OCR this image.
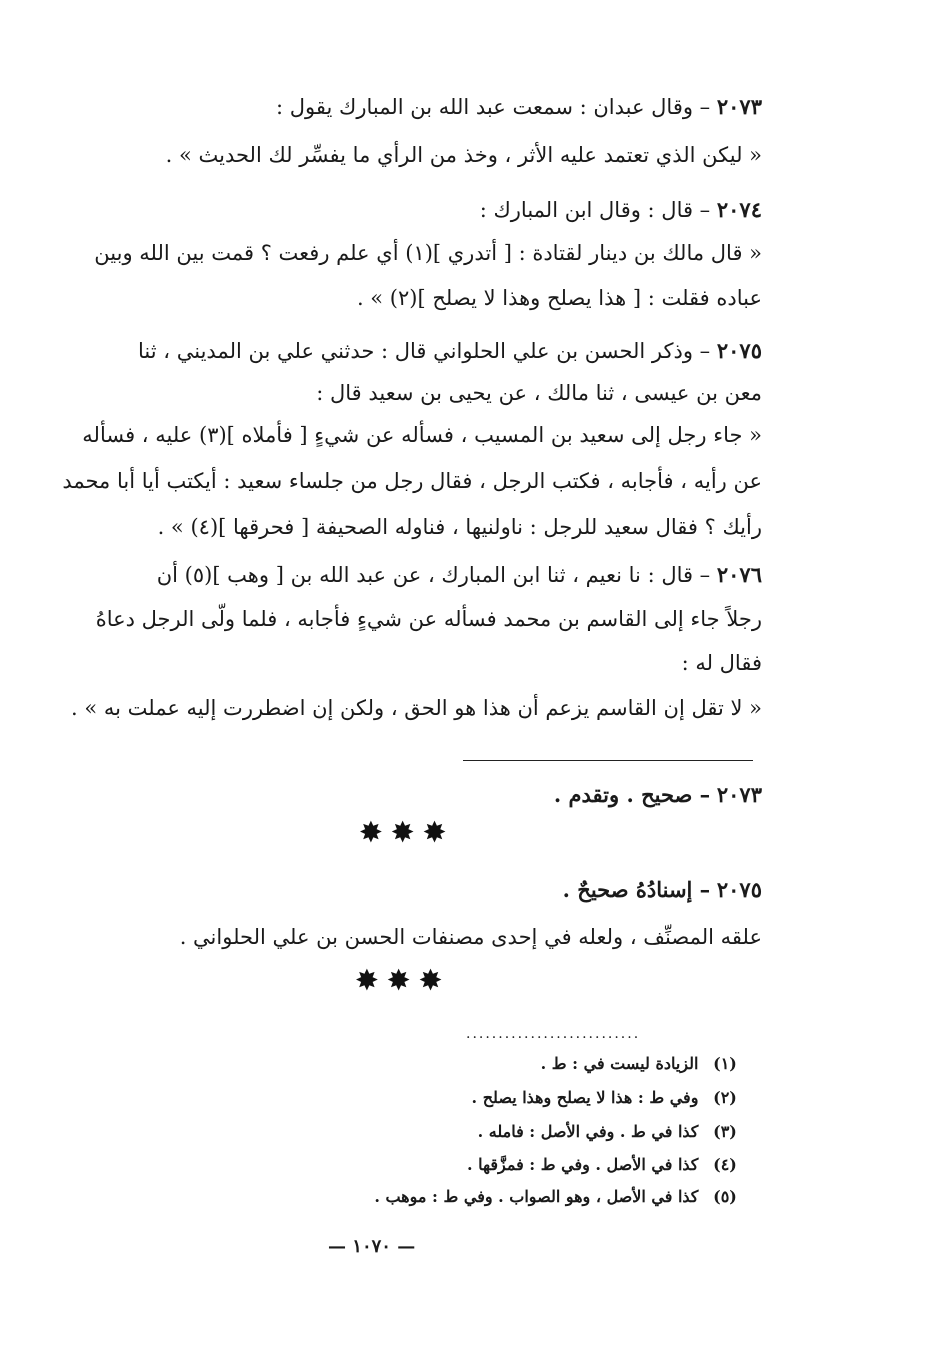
٢٠٧٣ – وقال عبدان : سمعت عبد الله بن المبارك يقول :
« ليكن الذي تعتمد عليه الأثر ، وخذ من الرأي ما يفسِّر لك الحديث » .
٢٠٧٤ – قال : وقال ابن المبارك :
« قال مالك بن دينار لقتادة : [ أتدري ](١) أي علم رفعت ؟ قمت بين الله وبين
عباده فقلت : [ هذا يصلح وهذا لا يصلح ](٢) » .
٢٠٧٥ – وذكر الحسن بن علي الحلواني قال : حدثني علي بن المديني ، ثنا
معن بن عيسى ، ثنا مالك ، عن يحيى بن سعيد قال :
« جاء رجل إلى سعيد بن المسيب ، فسأله عن شيءٍ [ فأملاه ](٣) عليه ، فسأله
عن رأيه ، فأجابه ، فكتب الرجل ، فقال رجل من جلساء سعيد : أيكتب أيا أبا محمد
رأيك ؟ فقال سعيد للرجل : ناولنيها ، فناوله الصحيفة [ فحرقها ](٤) » .
٢٠٧٦ – قال : نا نعيم ، ثنا ابن المبارك ، عن عبد الله بن [ وهب ](٥) أن
رجلاً جاء إلى القاسم بن محمد فسأله عن شيءٍ فأجابه ، فلما ولّى الرجل دعاهُ
فقال له :
« لا تقل إن القاسم يزعم أن هذا هو الحق ، ولكن إن اضطررت إليه عملت به » .
٢٠٧٣ – صحيح . وتقدم .
✸✸✸
٢٠٧٥ – إسنادُهُ صحيحٌ .
علقه المصنِّف ، ولعله في إحدى مصنفات الحسن بن علي الحلواني .
✸✸✸
...........................
(١) الزيادة ليست في : ط .
(٢) وفي ط : هذا لا يصلح وهذا يصلح .
(٣) كذا في ط . وفي الأصل : فامله .
(٤) كذا في الأصل . وفي ط : فمزَّقها .
(٥) كذا في الأصل ، وهو الصواب . وفي ط : موهب .
— ١٠٧٠ —
